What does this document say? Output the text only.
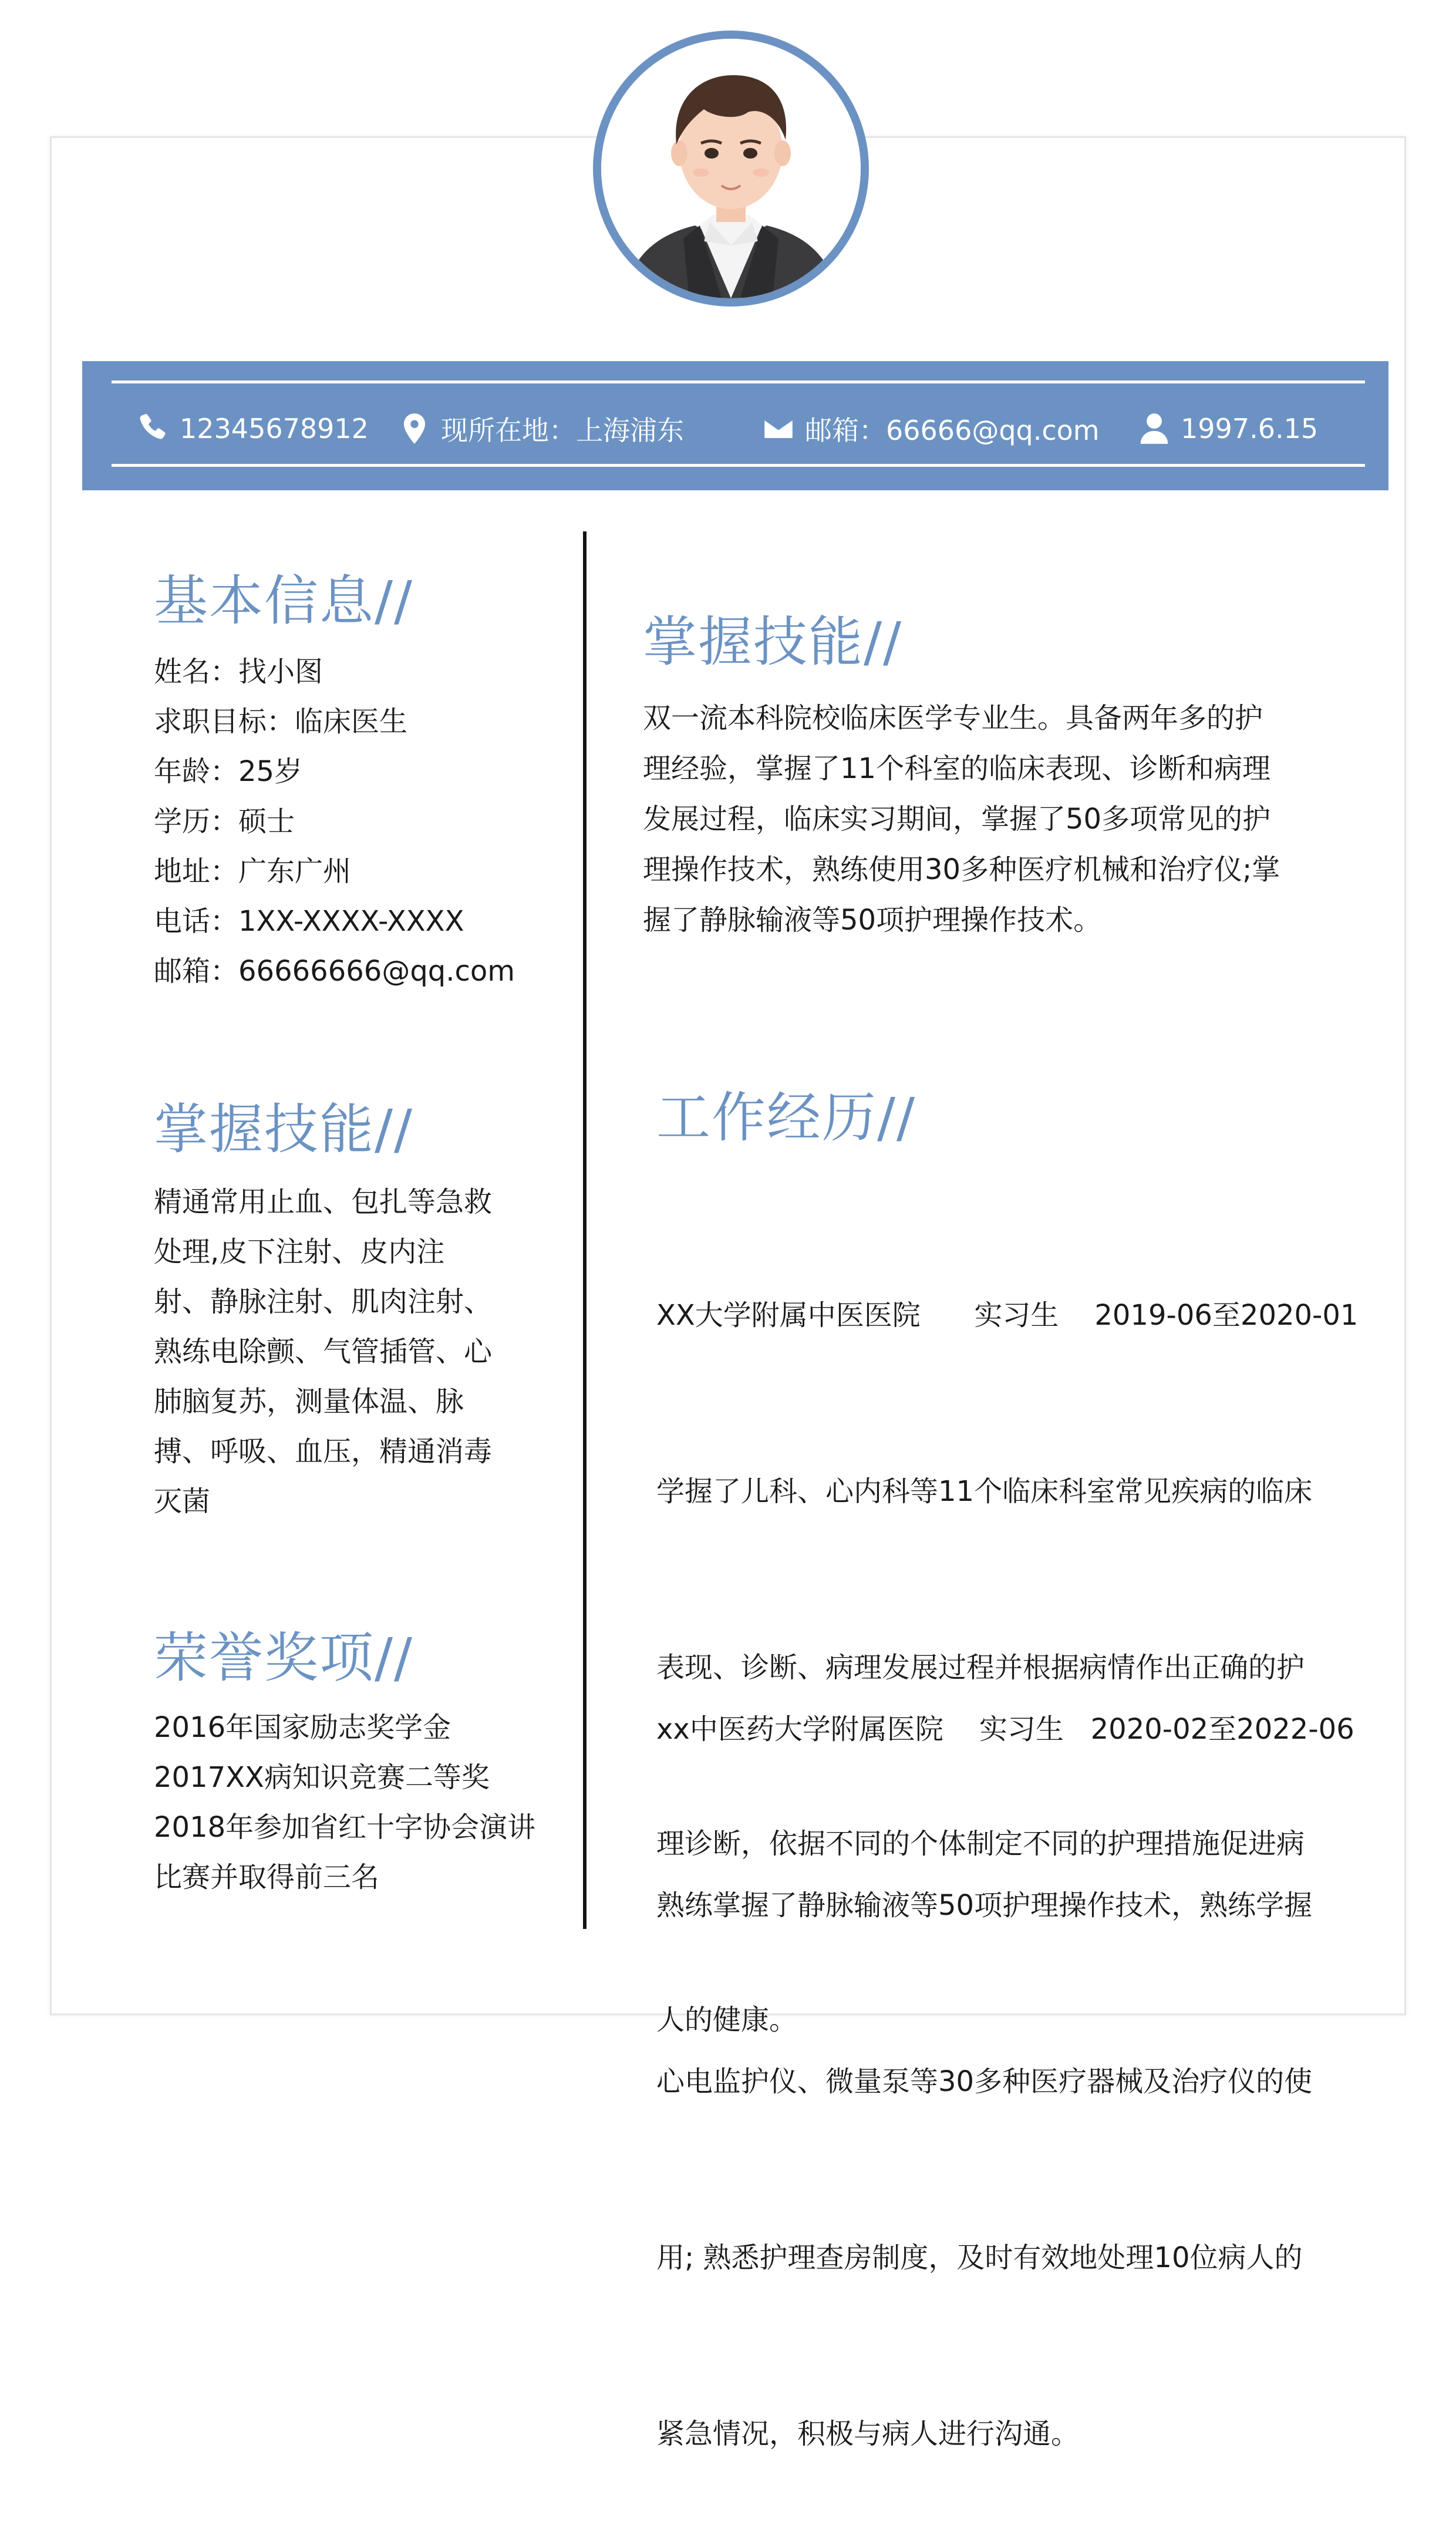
12345678912	现所在地：上海浦东	邮箱：66666@qq.com	1997.6.15
基本信息//
姓名：找小图
求职目标：临床医生
年龄：25岁
学历：硕士
地址：广东广州
电话：1XX-XXXX-XXXX
邮箱：66666666@qq.com
掌握技能//
精通常用止血、包扎等急救
处理,皮下注射、皮内注
射、静脉注射、肌肉注射、
熟练电除颤、气管插管、心
肺脑复苏，测量体温、脉
搏、呼吸、血压，精通消毒
灭菌
荣誉奖项//
2016年国家励志奖学金
2017XX病知识竞赛二等奖
2018年参加省红十字协会演讲
比赛并取得前三名
掌握技能//
双一流本科院校临床医学专业生。具备两年多的护
理经验，掌握了11个科室的临床表现、诊断和病理
发展过程，临床实习期间，掌握了50多项常见的护
理操作技术，熟练使用30多种医疗机械和治疗仪;掌
握了静脉输液等50项护理操作技术。
工作经历//

XX大学附属中医医院      实习生    2019-06至2020-01

学握了儿科、心内科等11个临床科室常见疾病的临床

表现、诊断、病理发展过程并根据病情作出正确的护

理诊断，依据不同的个体制定不同的护理措施促进病

人的健康。

xx中医药大学附属医院    实习生   2020-02至2022-06

熟练掌握了静脉输液等50项护理操作技术，熟练学握

心电监护仪、微量泵等30多种医疗器械及治疗仪的使

用; 熟悉护理查房制度，及时有效地处理10位病人的

紧急情况，积极与病人进行沟通。
